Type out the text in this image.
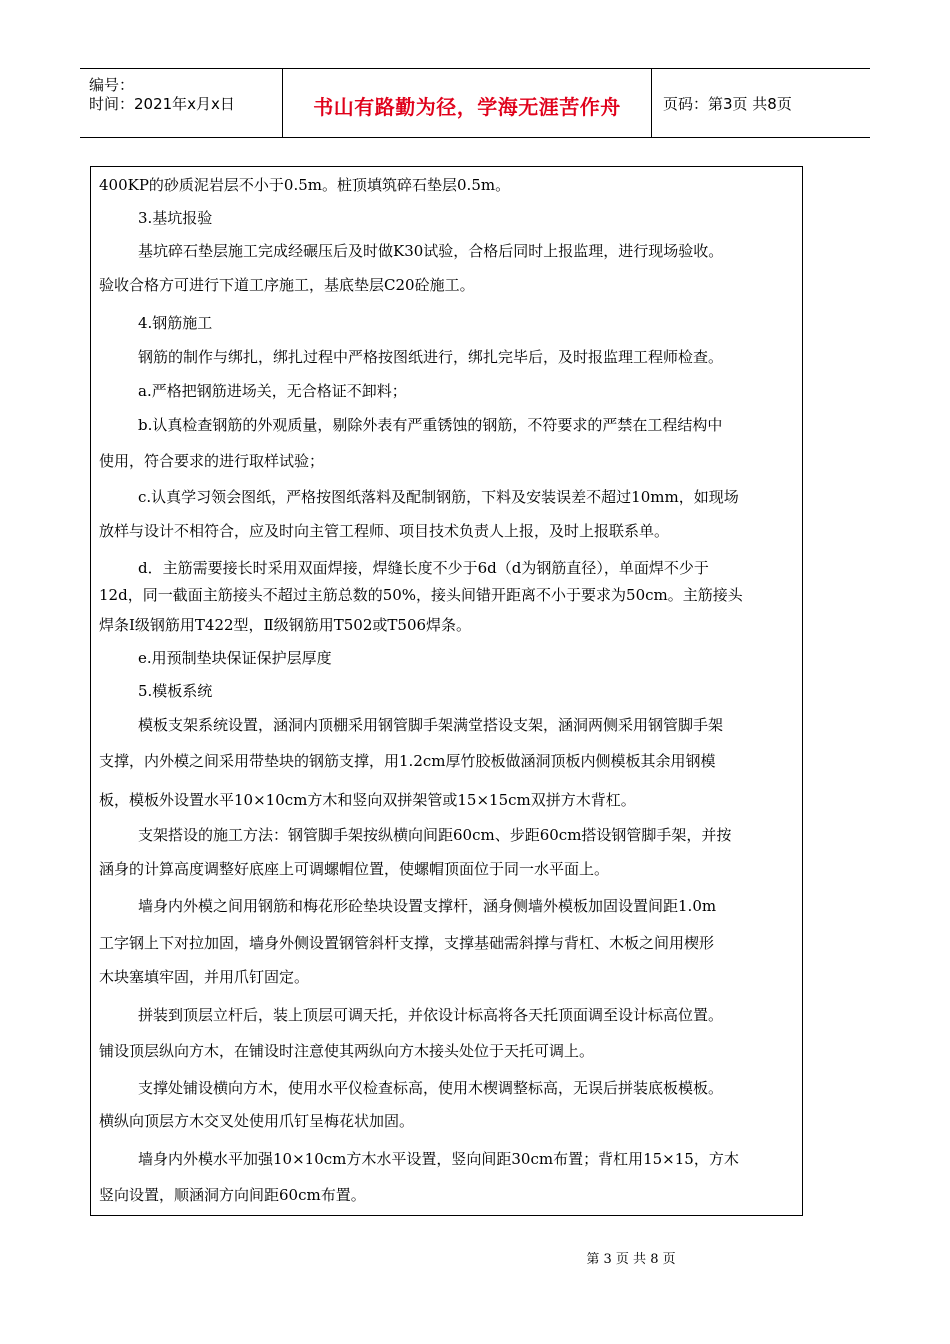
编号：
时间：2021年x月x日	书山有路勤为径，学海无涯苦作舟	页码：第3页 共8页
400KP的砂质泥岩层不小于0.5m。桩顶填筑碎石垫层0.5m。
3.基坑报验
基坑碎石垫层施工完成经碾压后及时做K30试验，合格后同时上报监理，进行现场验收。
验收合格方可进行下道工序施工，基底垫层C20砼施工。
4.钢筋施工
钢筋的制作与绑扎，绑扎过程中严格按图纸进行，绑扎完毕后，及时报监理工程师检查。
a.严格把钢筋进场关，无合格证不卸料；
b.认真检查钢筋的外观质量，剔除外表有严重锈蚀的钢筋，不符要求的严禁在工程结构中
使用，符合要求的进行取样试验；
c.认真学习领会图纸，严格按图纸落料及配制钢筋，下料及安装误差不超过10mm，如现场
放样与设计不相符合，应及时向主管工程师、项目技术负责人上报，及时上报联系单。
d．主筋需要接长时采用双面焊接，焊缝长度不少于6d（d为钢筋直径），单面焊不少于
12d，同一截面主筋接头不超过主筋总数的50%，接头间错开距离不小于要求为50cm。主筋接头
焊条Ⅰ级钢筋用T422型，Ⅱ级钢筋用T502或T506焊条。
e.用预制垫块保证保护层厚度
5.模板系统
模板支架系统设置，涵洞内顶棚采用钢管脚手架满堂搭设支架，涵洞两侧采用钢管脚手架
支撑，内外模之间采用带垫块的钢筋支撑，用1.2cm厚竹胶板做涵洞顶板内侧模板其余用钢模
板，模板外设置水平10×10cm方木和竖向双拼架管或15×15cm双拼方木背杠。
支架搭设的施工方法：钢管脚手架按纵横向间距60cm、步距60cm搭设钢管脚手架，并按
涵身的计算高度调整好底座上可调螺帽位置，使螺帽顶面位于同一水平面上。
墙身内外模之间用钢筋和梅花形砼垫块设置支撑杆，涵身侧墙外模板加固设置间距1.0m
工字钢上下对拉加固，墙身外侧设置钢管斜杆支撑，支撑基础需斜撑与背杠、木板之间用楔形
木块塞填牢固，并用爪钉固定。
拼装到顶层立杆后，装上顶层可调天托，并依设计标高将各天托顶面调至设计标高位置。
铺设顶层纵向方木，在铺设时注意使其两纵向方木接头处位于天托可调上。
支撑处铺设横向方木，使用水平仪检查标高，使用木楔调整标高，无误后拼装底板模板。
横纵向顶层方木交叉处使用爪钉呈梅花状加固。
墙身内外模水平加强10×10cm方木水平设置，竖向间距30cm布置；背杠用15×15，方木
竖向设置，顺涵洞方向间距60cm布置。
第 3 页 共 8 页
